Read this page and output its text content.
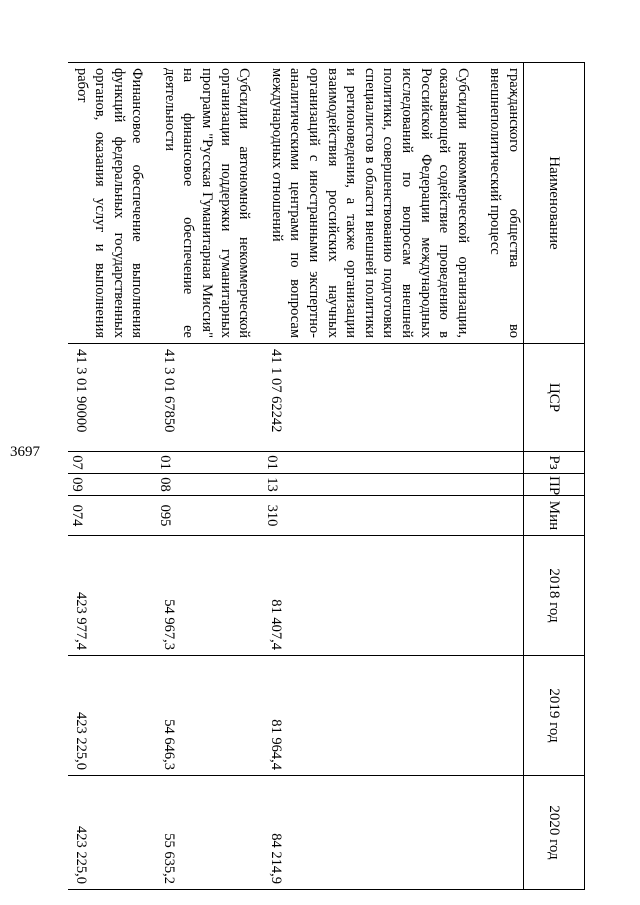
3697
Наименование	ЦСР	Рз	ПР	Мин	2018 год	2019 год	2020 год
гражданского общества во внешнеполитический процесс							
Субсидии некоммерческой организации, оказывающей содействие проведению в Российской Федерации международных исследований по вопросам внешней политики, совершенствованию подготовки специалистов в области внешней политики и регионоведения, а также организации взаимодействия российских научных организаций с иностранными экспертно-аналитическими центрами по вопросам международных отношений	41 1 07 62242	01	13	310	81 407,4	81 964,4	84 214,9
Субсидии автономной некоммерческой организации поддержки гуманитарных программ "Русская Гуманитарная Миссия" на финансовое обеспечение ее деятельности	41 3 01 67850	01	08	095	54 967,3	54 646,3	55 635,2
Финансовое обеспечение выполнения функций федеральных государственных органов, оказания услуг и выполнения работ	41 3 01 90000	07	09	074	423 977,4	423 225,0	423 225,0
